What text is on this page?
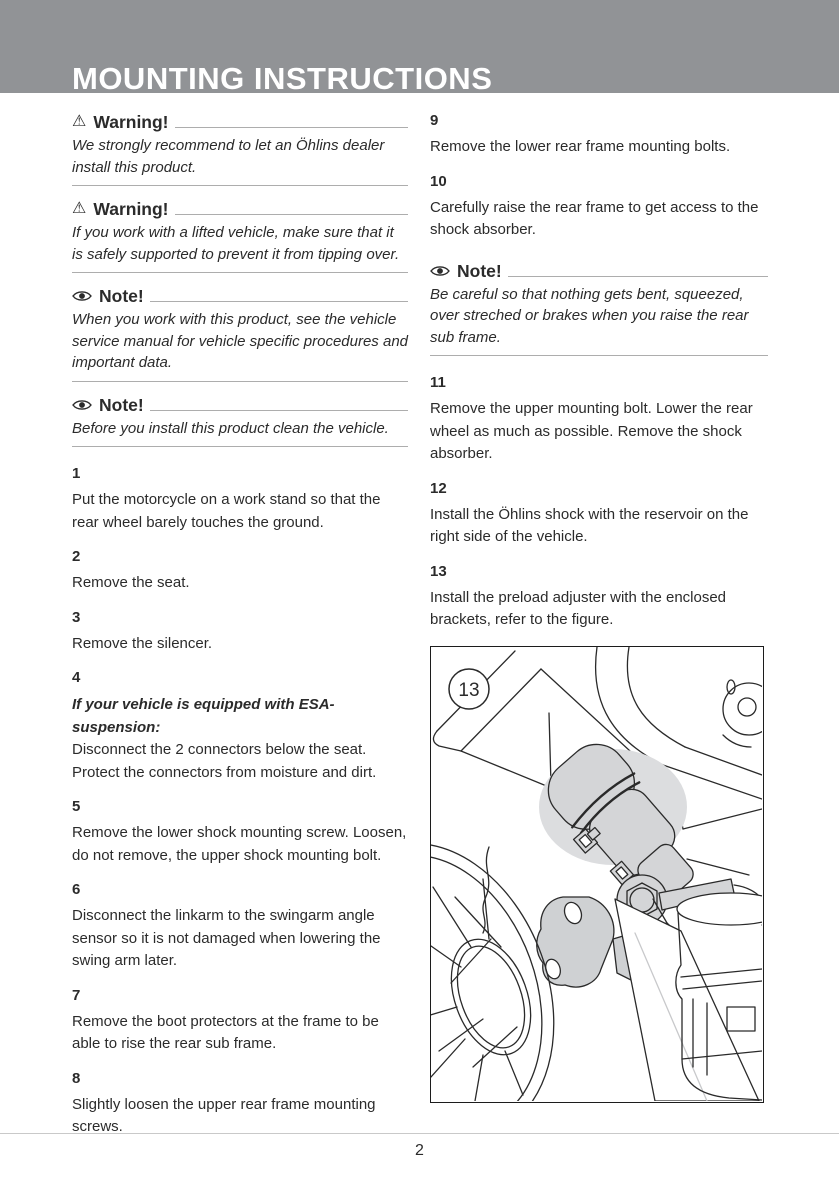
MOUNTING INSTRUCTIONS
⚠ Warning!
We strongly recommend to let an Öhlins dealer install this product.
⚠ Warning!
If you work with a lifted vehicle, make sure that it is safely supported to prevent it from tipping over.
Note!
When you work with this product, see the vehicle service manual for vehicle specific procedures and important data.
Note!
Before you install this product clean the vehicle.
1
Put the motorcycle on a work stand so that the rear wheel barely touches the ground.
2
Remove the seat.
3
Remove the silencer.
4
If your vehicle is equipped with ESA-suspension:
Disconnect the 2 connectors below the seat. Protect the connectors from moisture and dirt.
5
Remove the lower shock mounting screw. Loosen, do not remove, the upper shock mounting bolt.
6
Disconnect the linkarm to the swingarm angle sensor so it is not damaged when lowering the swing arm later.
7
Remove the boot protectors at the frame to be able to rise the rear sub frame.
8
Slightly loosen the upper rear frame mounting screws.
9
Remove the lower rear frame mounting bolts.
10
Carefully raise the rear frame to get access to the shock absorber.
Note!
Be careful so that nothing gets bent, squeezed, over streched or brakes when you raise the rear sub frame.
11
Remove the upper mounting bolt. Lower the rear wheel as much as possible. Remove the shock absorber.
12
Install the Öhlins shock with the reservoir on the right side of the vehicle.
13
Install the preload adjuster with the enclosed brackets, refer to the figure.
13
2
